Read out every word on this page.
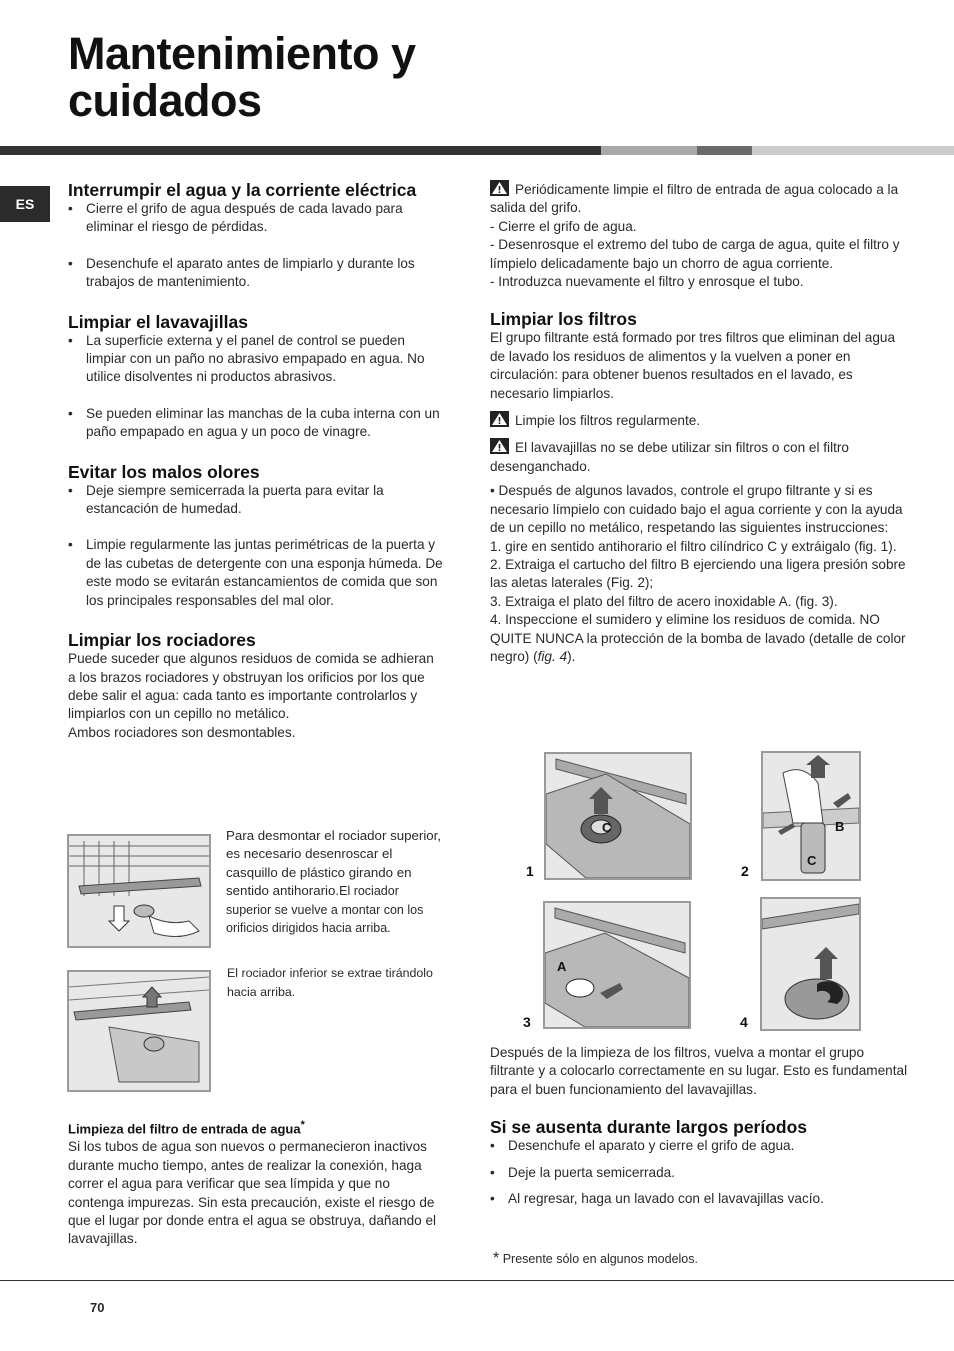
Mantenimiento y
cuidados
ES
Interrumpir el agua y la corriente eléctrica

• Cierre el grifo de agua después de cada lavado para eliminar el riesgo de pérdidas.

• Desenchufe el aparato antes de limpiarlo y durante los trabajos de mantenimiento.

Limpiar el lavavajillas

• La superficie externa y el panel de control se pueden limpiar con un paño no abrasivo empapado en agua. No utilice disolventes ni productos abrasivos.

• Se pueden eliminar las manchas de la cuba interna con un paño empapado en agua y un poco de vinagre.

Evitar los malos olores

• Deje siempre semicerrada la puerta para evitar la estancación de humedad.

• Limpie regularmente las juntas perimétricas de la puerta y de las cubetas de detergente con una esponja húmeda. De este modo se evitarán estancamientos de comida que son los principales responsables del mal olor.

Limpiar los rociadores

Puede suceder que algunos residuos de comida se adhieran a los brazos rociadores y obstruyan los orificios por los que debe salir el agua: cada tanto es importante controlarlos y limpiarlos con un cepillo no metálico.

Ambos rociadores son desmontables.

Para desmontar el rociador superior, es necesario desenroscar el casquillo de plástico girando en sentido antihorario.El rociador superior se vuelve a montar con los orificios dirigidos hacia arriba.

El rociador inferior se extrae tirándolo hacia arriba.

Limpieza del filtro de entrada de agua*

Si los tubos de agua son nuevos o permanecieron inactivos durante mucho tiempo, antes de realizar la conexión, haga correr el agua para verificar que sea límpida y que no contenga impurezas. Sin esta precaución, existe el riesgo de que el lugar por donde entra el agua se obstruya, dañando el lavavajillas.

Periódicamente limpie el filtro de entrada de agua colocado a la salida del grifo.

- Cierre el grifo de agua.

- Desenrosque el extremo del tubo de carga de agua, quite el filtro y límpielo delicadamente bajo un chorro de agua corriente.

- Introduzca nuevamente el filtro y enrosque el tubo.

Limpiar los filtros

El grupo filtrante está formado por tres filtros que eliminan del agua de lavado los residuos de alimentos y la vuelven a poner en circulación: para obtener buenos resultados en el lavado, es necesario limpiarlos.

Limpie los filtros regularmente.

El lavavajillas no se debe utilizar sin filtros o con el filtro desenganchado.

• Después de algunos lavados, controle el grupo filtrante y si es necesario límpielo con cuidado bajo el agua corriente y con la ayuda de un cepillo no metálico, respetando las siguientes instrucciones:

1. gire en sentido antihorario el filtro cilíndrico C y extráigalo (fig. 1).

2. Extraiga el cartucho del filtro B ejerciendo una ligera presión sobre las aletas laterales (Fig. 2);

3. Extraiga el plato del filtro de acero inoxidable A. (fig. 3).

4. Inspeccione el sumidero y elimine los residuos de comida. NO QUITE NUNCA la protección de la bomba de lavado (detalle de color negro) (fig. 4).

C
1
B
C
2
A
3	4

Después de la limpieza de los filtros, vuelva a montar el grupo filtrante y a colocarlo correctamente en su lugar. Esto es fundamental para el buen funcionamiento del lavavajillas.

Si se ausenta durante largos períodos

• Desenchufe el aparato y cierre el grifo de agua.

• Deje la puerta semicerrada.

• Al regresar, haga un lavado con el lavavajillas vacío.

* Presente sólo en algunos modelos.
70
